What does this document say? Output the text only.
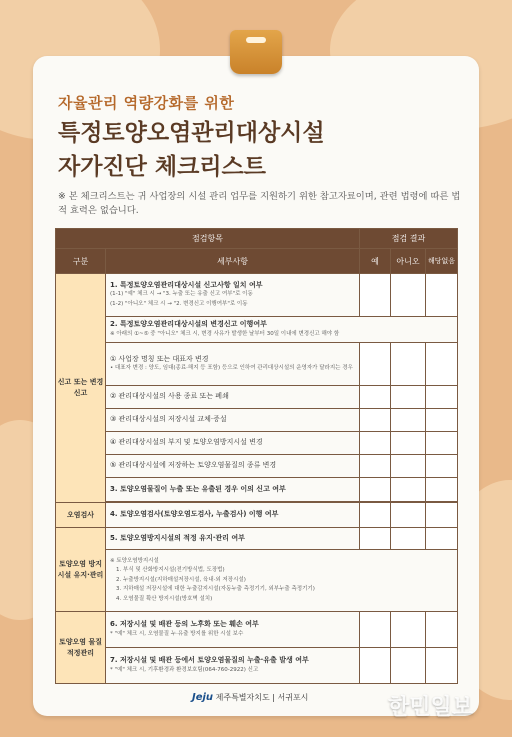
자율관리 역량강화를 위한
특정토양오염관리대상시설
자가진단 체크리스트
※ 본 체크리스트는 귀 사업장의 시설 관리 업무를 지원하기 위한 참고자료이며, 관련 법령에 따른 법적 효력은 없습니다.
점검항목		점검 결과		
구분	세부사항	예	아니오	해당없음
신고 또는 변경 신고	1. 특정토양오염관리대상시설 신고사항 일치 여부
(1-1) "예" 체크 시 → "3. 누출 또는 유출 신고 여부"로 이동
(1-2) "아니오" 체크 시 → "2. 변경신고 이행여부"로 이동			

	2. 특정토양오염관리대상시설의 변경신고 이행여부
※ 아래의 ①~⑤ 중 "아니오" 체크 시, 변경 사유가 발생한 날부터 30일 이내에 변경신고 해야 함			

	① 사업장 명칭 또는 대표자 변경
• 대표자 변경 : 양도, 임대(종료·해지 등 포함) 등으로 인하여 관리대상시설의 운영자가 달라지는 경우			

	② 관리대상시설의 사용 종료 또는 폐쇄			
	③ 관리대상시설의 저장시설 교체·증설			
	④ 관리대상시설의 부지 및 토양오염방지시설 변경			
	⑤ 관리대상시설에 저장하는 토양오염물질의 종류 변경			

	3. 토양오염물질이 누출 또는 유출된 경우 이의 신고 여부			

오염검사	4. 토양오염검사(토양오염도검사, 누출검사) 이행 여부			

토양오염 방지시설 유지·관리	5. 토양오염방지시설의 적정 유지·관리 여부			

	※ 토양오염방지시설
1. 부식 및 산화방지시설(전기방식법, 도장법)
2. 누출방지시설(지하매설저장시설, 육내·외 저장시설)
3. 지하매설 저장시설에 대한 누출감지시설(자동누출 측정기기, 외부누출 측정기기)
4. 오염물질 확산 방지시설(방호벽 설치)			

토양오염 물질 적정관리	6. 저장시설 및 배관 등의 노후화 또는 훼손 여부
* "예" 체크 시, 오염물질 누·유출 방지를 위한 시설 보수			

	7. 저장시설 및 배관 등에서 토양오염물질의 누출·유출 발생 여부
* "예" 체크 시, 기후환경과 환경보호팀(064-760-2922) 신고			

Jeju 제주특별자치도 | 서귀포시	한민일보
